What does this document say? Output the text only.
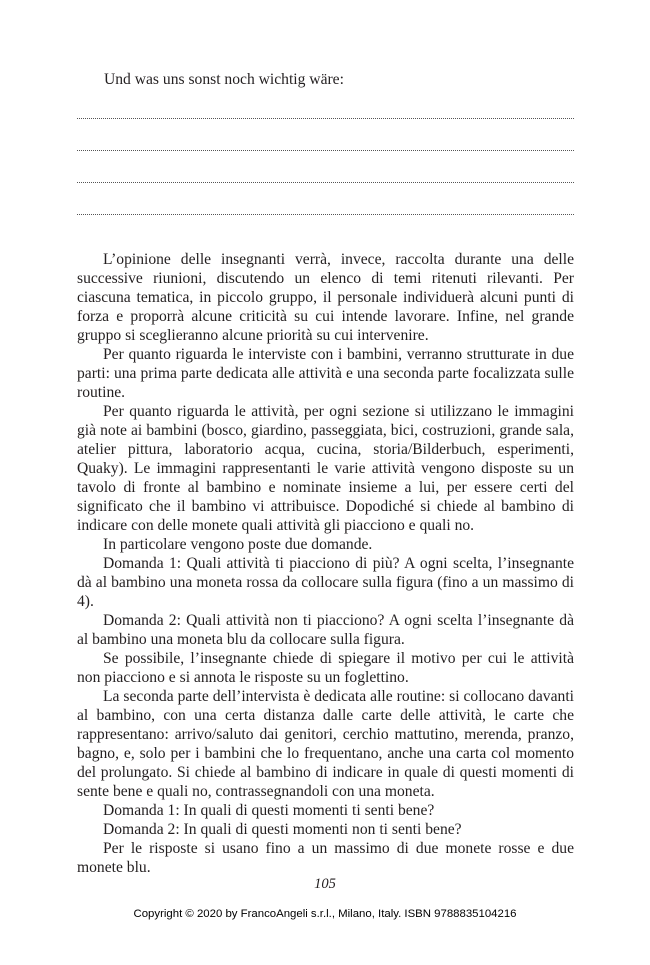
Und was uns sonst noch wichtig wäre:

L’opinione delle insegnanti verrà, invece, raccolta durante una delle successive riunioni, discutendo un elenco di temi ritenuti rilevanti. Per ciascuna tematica, in piccolo gruppo, il personale individuerà alcuni punti di forza e proporrà alcune criticità su cui intende lavorare. Infine, nel grande gruppo si sceglieranno alcune priorità su cui intervenire.

Per quanto riguarda le interviste con i bambini, verranno strutturate in due parti: una prima parte dedicata alle attività e una seconda parte focalizzata sulle routine.

Per quanto riguarda le attività, per ogni sezione si utilizzano le immagini già note ai bambini (bosco, giardino, passeggiata, bici, costruzioni, grande sala, atelier pittura, laboratorio acqua, cucina, storia/Bilderbuch, esperimenti, Quaky). Le immagini rappresentanti le varie attività vengono disposte su un tavolo di fronte al bambino e nominate insieme a lui, per essere certi del significato che il bambino vi attribuisce. Dopodiché si chiede al bambino di indicare con delle monete quali attività gli piacciono e quali no.

In particolare vengono poste due domande.

Domanda 1: Quali attività ti piacciono di più? A ogni scelta, l’insegnante dà al bambino una moneta rossa da collocare sulla figura (fino a un massimo di 4).

Domanda 2: Quali attività non ti piacciono? A ogni scelta l’insegnante dà al bambino una moneta blu da collocare sulla figura.

Se possibile, l’insegnante chiede di spiegare il motivo per cui le attività non piacciono e si annota le risposte su un foglettino.

La seconda parte dell’intervista è dedicata alle routine: si collocano davanti al bambino, con una certa distanza dalle carte delle attività, le carte che rappresentano: arrivo/saluto dai genitori, cerchio mattutino, merenda, pranzo, bagno, e, solo per i bambini che lo frequentano, anche una carta col momento del prolungato. Si chiede al bambino di indicare in quale di questi momenti di sente bene e quali no, contrassegnandoli con una moneta.

Domanda 1: In quali di questi momenti ti senti bene?

Domanda 2: In quali di questi momenti non ti senti bene?

Per le risposte si usano fino a un massimo di due monete rosse e due monete blu.

105
Copyright © 2020 by FrancoAngeli s.r.l., Milano, Italy. ISBN 9788835104216
